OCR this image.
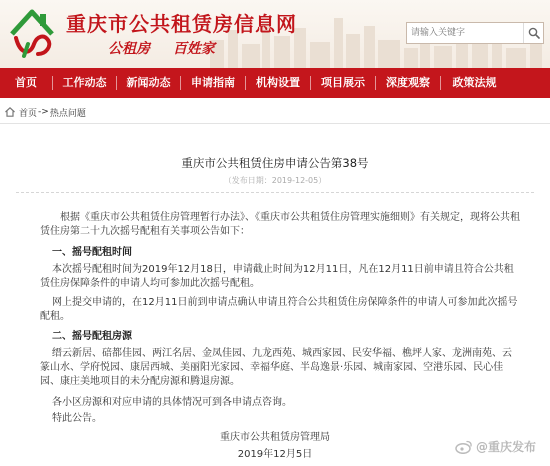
重庆市公共租赁房信息网
公租房 百姓家
请输入关键字
首页	工作动态	新闻动态	申请指南	机构设置	项目展示	深度观察	政策法规
首页 -> 热点问题
重庆市公共租赁住房申请公告第38号
（发布日期：2019-12-05）
根据《重庆市公共租赁住房管理暂行办法》、《重庆市公共租赁住房管理实施细则》有关规定，现将公共租赁住房第二十九次摇号配租有关事项公告如下：
一、摇号配租时间
本次摇号配租时间为2019年12月18日，申请截止时间为12月11日，凡在12月11日前申请且符合公共租赁住房保障条件的申请人均可参加此次摇号配租。
网上提交申请的，在12月11日前到申请点确认申请且符合公共租赁住房保障条件的申请人可参加此次摇号配租。
二、摇号配租房源
缙云新居、碚都佳园、两江名居、金凤佳园、九龙西苑、城西家园、民安华福、樵坪人家、龙洲南苑、云篆山水、学府悦园、康居西城、美丽阳光家园、幸福华庭、半岛逸景·乐园、城南家园、空港乐园、民心佳园、康庄美地项目的未分配房源和腾退房源。
各小区房源和对应申请的具体情况可到各申请点咨询。
特此公告。
重庆市公共租赁房管理局
2019年12月5日
@重庆发布
